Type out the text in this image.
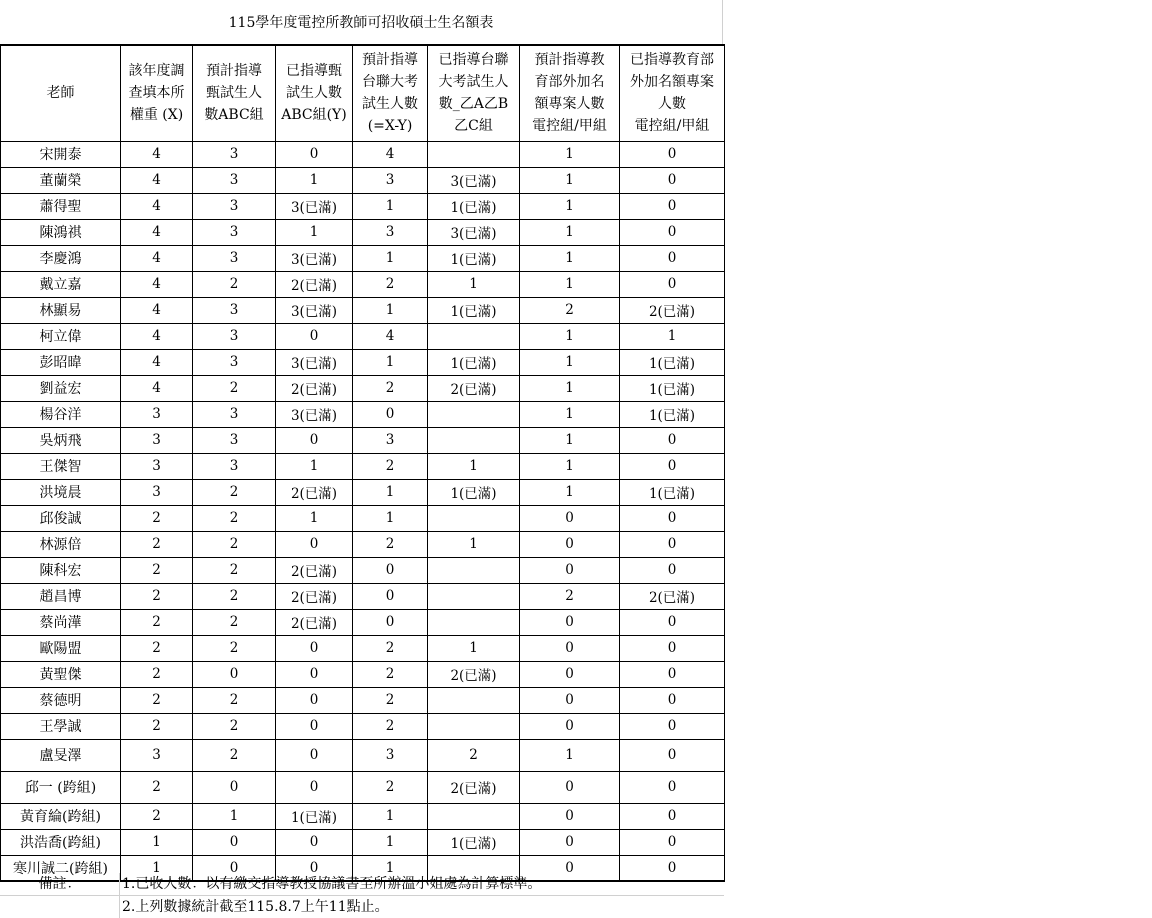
115學年度電控所教師可招收碩士生名額表
老師	該年度調
查填本所
權重 (X)	預計指導
甄試生人
數ABC組	已指導甄
試生人數
ABC組(Y)	預計指導
台聯大考
試生人數
(=X-Y)	已指導台聯
大考試生人
數_乙A乙B
乙C組	預計指導教
育部外加名
額專案人數
電控組/甲組	已指導教育部
外加名額專案
人數
電控組/甲組
宋開泰	4	3	0	4		1	0
董蘭榮	4	3	1	3	3(已滿)	1	0
蕭得聖	4	3	3(已滿)	1	1(已滿)	1	0
陳鴻祺	4	3	1	3	3(已滿)	1	0
李慶鴻	4	3	3(已滿)	1	1(已滿)	1	0
戴立嘉	4	2	2(已滿)	2	1	1	0
林顯易	4	3	3(已滿)	1	1(已滿)	2	2(已滿)
柯立偉	4	3	0	4		1	1
彭昭暐	4	3	3(已滿)	1	1(已滿)	1	1(已滿)
劉益宏	4	2	2(已滿)	2	2(已滿)	1	1(已滿)
楊谷洋	3	3	3(已滿)	0		1	1(已滿)
吳炳飛	3	3	0	3		1	0
王傑智	3	3	1	2	1	1	0
洪境晨	3	2	2(已滿)	1	1(已滿)	1	1(已滿)
邱俊誠	2	2	1	1		0	0
林源倍	2	2	0	2	1	0	0
陳科宏	2	2	2(已滿)	0		0	0
趙昌博	2	2	2(已滿)	0		2	2(已滿)
蔡尚澕	2	2	2(已滿)	0		0	0
歐陽盟	2	2	0	2	1	0	0
黃聖傑	2	0	0	2	2(已滿)	0	0
蔡德明	2	2	0	2		0	0
王學誠	2	2	0	2		0	0
盧旻澤	3	2	0	3	2	1	0
邱一 (跨組)	2	0	0	2	2(已滿)	0	0
黃育綸(跨組)	2	1	1(已滿)	1		0	0
洪浩喬(跨組)	1	0	0	1	1(已滿)	0	0
寒川誠二(跨組)	1	0	0	1		0	0
備註：	1.已收人數：以有繳交指導教授協議書至所辦溫小姐處為計算標準。
2.上列數據統計截至115.8.7上午11點止。
